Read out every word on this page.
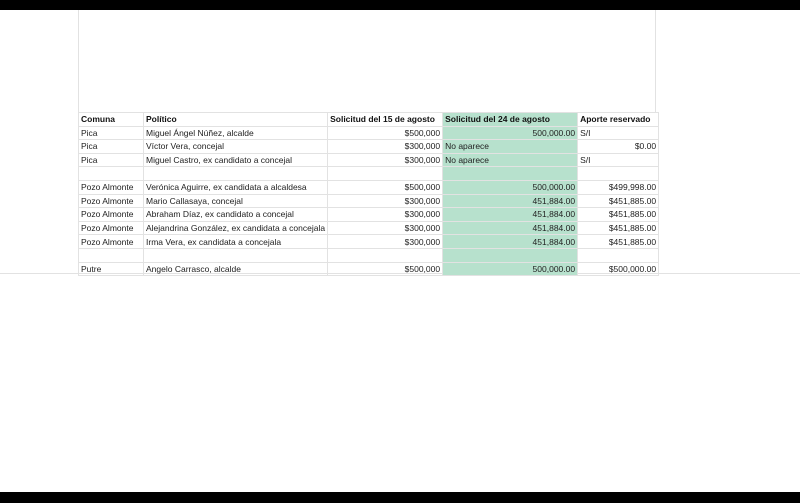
Comuna	Político	Solicitud del 15 de agosto	Solicitud del 24 de agosto	Aporte reservado
Pica	Miguel Ángel Núñez, alcalde	$500,000	500,000.00	S/I
Pica	Víctor Vera, concejal	$300,000	No aparece	$0.00
Pica	Miguel Castro, ex candidato a concejal	$300,000	No aparece	S/I

Pozo Almonte	Verónica Aguirre, ex candidata a alcaldesa	$500,000	500,000.00	$499,998.00
Pozo Almonte	Mario Callasaya, concejal	$300,000	451,884.00	$451,885.00
Pozo Almonte	Abraham Díaz, ex candidato a concejal	$300,000	451,884.00	$451,885.00
Pozo Almonte	Alejandrina González, ex candidata a concejala	$300,000	451,884.00	$451,885.00
Pozo Almonte	Irma Vera, ex candidata a concejala	$300,000	451,884.00	$451,885.00

Putre	Angelo Carrasco, alcalde	$500,000	500,000.00	$500,000.00
